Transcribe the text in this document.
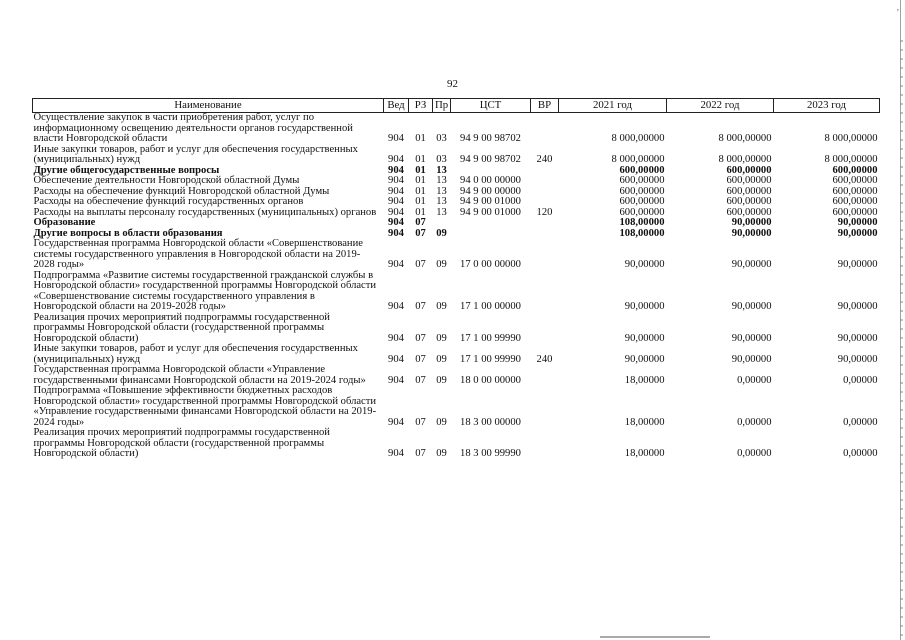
,
92
Наименование	Вед	РЗ	Пр	ЦСТ	ВР	2021 год	2022 год	2023 год
Осуществление закупок в части приобретения работ, услуг по информационному освещению деятельности органов государственной власти Новгородской области	904	01	03	94 9 00 98702		8 000,00000	8 000,00000	8 000,00000
Иные закупки товаров, работ и услуг для обеспечения государственных (муниципальных) нужд	904	01	03	94 9 00 98702	240	8 000,00000	8 000,00000	8 000,00000
Другие общегосударственные вопросы	904	01	13			600,00000	600,00000	600,00000
Обеспечение деятельности Новгородской областной Думы	904	01	13	94 0 00 00000		600,00000	600,00000	600,00000
Расходы на обеспечение функций Новгородской областной Думы	904	01	13	94 9 00 00000		600,00000	600,00000	600,00000
Расходы на обеспечение функций государственных органов	904	01	13	94 9 00 01000		600,00000	600,00000	600,00000
Расходы на выплаты персоналу государственных (муниципальных) органов	904	01	13	94 9 00 01000	120	600,00000	600,00000	600,00000
Образование	904	07				108,00000	90,00000	90,00000
Другие вопросы в области образования	904	07	09			108,00000	90,00000	90,00000
Государственная программа Новгородской области «Совершенствование системы государственного управления в Новгородской области на 2019-2028 годы»	904	07	09	17 0 00 00000		90,00000	90,00000	90,00000
Подпрограмма «Развитие системы государственной гражданской службы в Новгородской области» государственной программы Новгородской области «Совершенствование системы государственного управления в Новгородской области на 2019-2028 годы»	904	07	09	17 1 00 00000		90,00000	90,00000	90,00000
Реализация прочих мероприятий подпрограммы государственной программы Новгородской области (государственной программы Новгородской области)	904	07	09	17 1 00 99990		90,00000	90,00000	90,00000
Иные закупки товаров, работ и услуг для обеспечения государственных (муниципальных) нужд	904	07	09	17 1 00 99990	240	90,00000	90,00000	90,00000
Государственная программа Новгородской области «Управление государственными финансами Новгородской области на 2019-2024 годы»	904	07	09	18 0 00 00000		18,00000	0,00000	0,00000
Подпрограмма «Повышение эффективности бюджетных расходов Новгородской области» государственной программы Новгородской области «Управление государственными финансами Новгородской области на 2019-2024 годы»	904	07	09	18 3 00 00000		18,00000	0,00000	0,00000
Реализация прочих мероприятий подпрограммы государственной программы Новгородской области (государственной программы Новгородской области)	904	07	09	18 3 00 99990		18,00000	0,00000	0,00000
